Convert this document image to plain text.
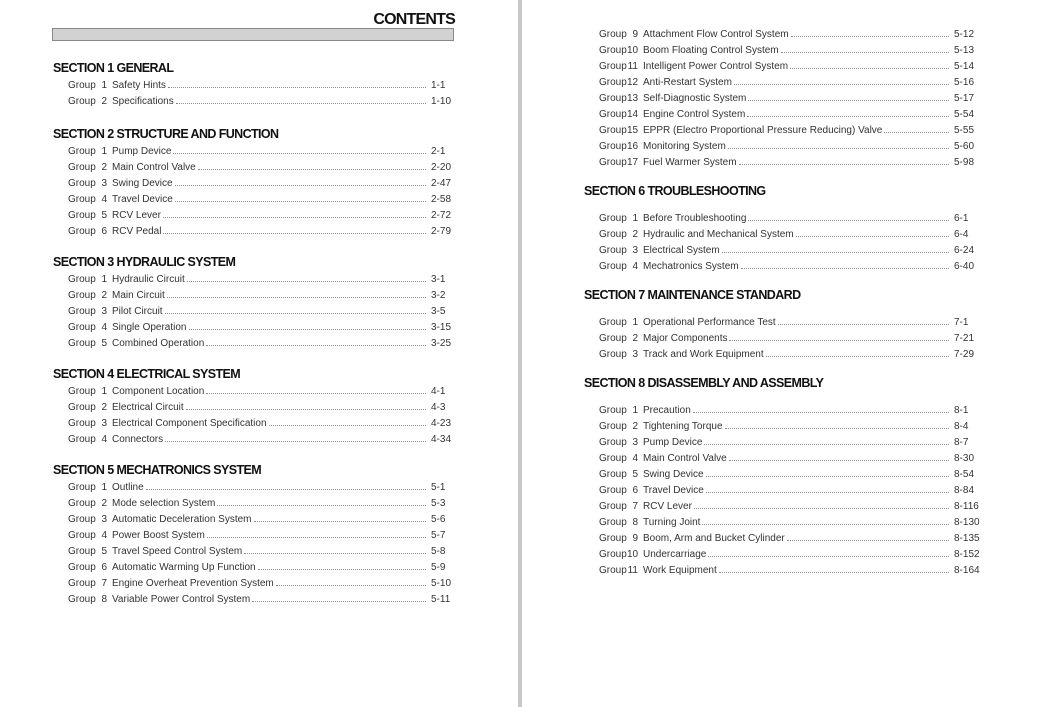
CONTENTS
SECTION 1 GENERAL
Group 1 Safety Hints	1-1
Group 2 Specifications	1-10
SECTION 2 STRUCTURE AND FUNCTION
Group 1 Pump Device	2-1
Group 2 Main Control Valve	2-20
Group 3 Swing Device	2-47
Group 4 Travel Device	2-58
Group 5 RCV Lever	2-72
Group 6 RCV Pedal	2-79
SECTION 3 HYDRAULIC SYSTEM
Group 1 Hydraulic Circuit	3-1
Group 2 Main Circuit	3-2
Group 3 Pilot Circuit	3-5
Group 4 Single Operation	3-15
Group 5 Combined Operation	3-25
SECTION 4 ELECTRICAL SYSTEM
Group 1 Component Location	4-1
Group 2 Electrical Circuit	4-3
Group 3 Electrical Component Specification	4-23
Group 4 Connectors	4-34
SECTION 5 MECHATRONICS SYSTEM
Group 1 Outline	5-1
Group 2 Mode selection System	5-3
Group 3 Automatic Deceleration System	5-6
Group 4 Power Boost System	5-7
Group 5 Travel Speed Control System	5-8
Group 6 Automatic Warming Up Function	5-9
Group 7 Engine Overheat Prevention System	5-10
Group 8 Variable Power Control System	5-11
Group 9 Attachment Flow Control System	5-12
Group 10 Boom Floating Control System	5-13
Group 11 Intelligent Power Control System	5-14
Group 12 Anti-Restart System	5-16
Group 13 Self-Diagnostic System	5-17
Group 14 Engine Control System	5-54
Group 15 EPPR (Electro Proportional Pressure Reducing) Valve	5-55
Group 16 Monitoring System	5-60
Group 17 Fuel Warmer System	5-98
SECTION 6 TROUBLESHOOTING
Group 1 Before Troubleshooting	6-1
Group 2 Hydraulic and Mechanical System	6-4
Group 3 Electrical System	6-24
Group 4 Mechatronics System	6-40
SECTION 7 MAINTENANCE STANDARD
Group 1 Operational Performance Test	7-1
Group 2 Major Components	7-21
Group 3 Track and Work Equipment	7-29
SECTION 8 DISASSEMBLY AND ASSEMBLY
Group 1 Precaution	8-1
Group 2 Tightening Torque	8-4
Group 3 Pump Device	8-7
Group 4 Main Control Valve	8-30
Group 5 Swing Device	8-54
Group 6 Travel Device	8-84
Group 7 RCV Lever	8-116
Group 8 Turning Joint	8-130
Group 9 Boom, Arm and Bucket Cylinder	8-135
Group 10 Undercarriage	8-152
Group 11 Work Equipment	8-164
